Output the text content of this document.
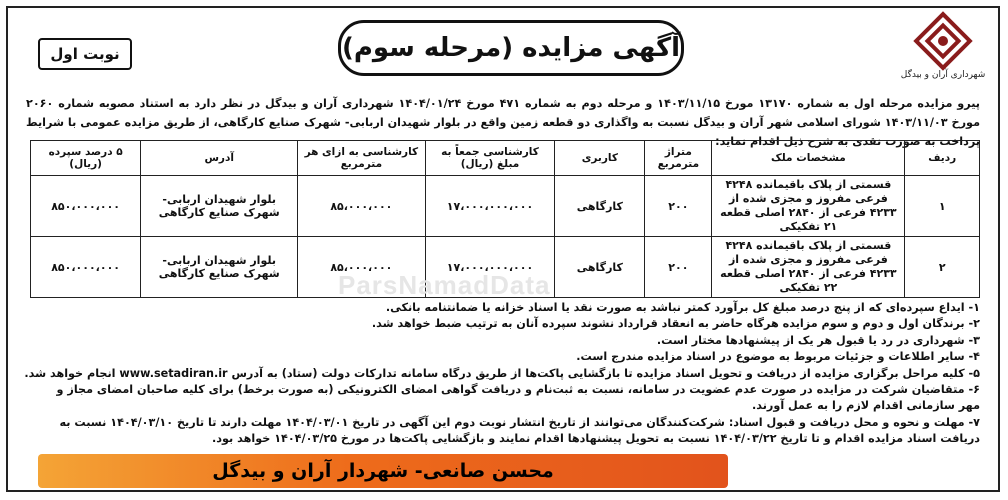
شهرداری آران و بیدگل
آگهی مزایده (مرحله سوم)
نوبت اول
پیرو مزایده مرحله اول به شماره ۱۳۱۷۰ مورخ ۱۴۰۳/۱۱/۱۵ و مرحله دوم به شماره ۴۷۱ مورخ ۱۴۰۴/۰۱/۲۴ شهرداری آران و بیدگل در نظر دارد به استناد مصوبه شماره ۲۰۶۰ مورخ ۱۴۰۳/۱۱/۰۳ شورای اسلامی شهر آران و بیدگل نسبت به واگذاری دو قطعه زمین واقع در بلوار شهیدان اربابی- شهرک صنایع کارگاهی، از طریق مزایده عمومی با شرایط پرداخت به صورت نقدی به شرح ذیل اقدام نماید:
ردیف	مشخصات ملک	متراژ مترمربع	کاربری	کارشناسی جمعاً به مبلغ (ریال)	کارشناسی به ازای هر مترمربع	آدرس	۵ درصد سپرده (ریال)
۱	قسمتی از پلاک باقیمانده ۴۲۴۸ فرعی مفروز و مجزی شده از ۴۲۳۳ فرعی از ۲۸۴۰ اصلی قطعه ۲۱ تفکیکی	۲۰۰	کارگاهی	۱۷،۰۰۰،۰۰۰،۰۰۰	۸۵،۰۰۰،۰۰۰	بلوار شهیدان اربابی- شهرک صنایع کارگاهی	۸۵۰،۰۰۰،۰۰۰
۲	قسمتی از پلاک باقیمانده ۴۲۴۸ فرعی مفروز و مجزی شده از ۴۲۳۳ فرعی از ۲۸۴۰ اصلی قطعه ۲۲ تفکیکی	۲۰۰	کارگاهی	۱۷،۰۰۰،۰۰۰،۰۰۰	۸۵،۰۰۰،۰۰۰	بلوار شهیدان اربابی- شهرک صنایع کارگاهی	۸۵۰،۰۰۰،۰۰۰
ParsNamadData
۱- ایداع سپرده‌ای که از پنج درصد مبلغ کل برآورد کمتر نباشد به صورت نقد یا اسناد خزانه یا ضمانتنامه بانکی.
۲- برندگان اول و دوم و سوم مزایده هرگاه حاضر به انعقاد قرارداد نشوند سپرده آنان به ترتیب ضبط خواهد شد.
۳- شهرداری در رد یا قبول هر یک از پیشنهادها مختار است.
۴- سایر اطلاعات و جزئیات مربوط به موضوع در اسناد مزایده مندرج است.
۵- کلیه مراحل برگزاری مزایده از دریافت و تحویل اسناد مزایده تا بازگشایی پاکت‌ها از طریق درگاه سامانه تدارکات دولت (ستاد) به آدرس www.setadiran.ir انجام خواهد شد.
۶- متقاضیان شرکت در مزایده در صورت عدم عضویت در سامانه، نسبت به ثبت‌نام و دریافت گواهی امضای الکترونیکی (به صورت برخط) برای کلیه صاحبان امضای مجاز و مهر سازمانی اقدام لازم را به عمل آورند.
۷- مهلت و نحوه و محل دریافت و قبول اسناد: شرکت‌کنندگان می‌توانند از تاریخ انتشار نوبت دوم این آگهی در تاریخ ۱۴۰۴/۰۳/۰۱ مهلت دارند تا تاریخ ۱۴۰۴/۰۳/۱۰ نسبت به دریافت اسناد مزایده اقدام و تا تاریخ ۱۴۰۴/۰۳/۲۲ نسبت به تحویل پیشنهادها اقدام نمایند و بازگشایی پاکت‌ها در مورخ ۱۴۰۴/۰۳/۲۵ خواهد بود.
محسن صانعی- شهردار آران و بیدگل
